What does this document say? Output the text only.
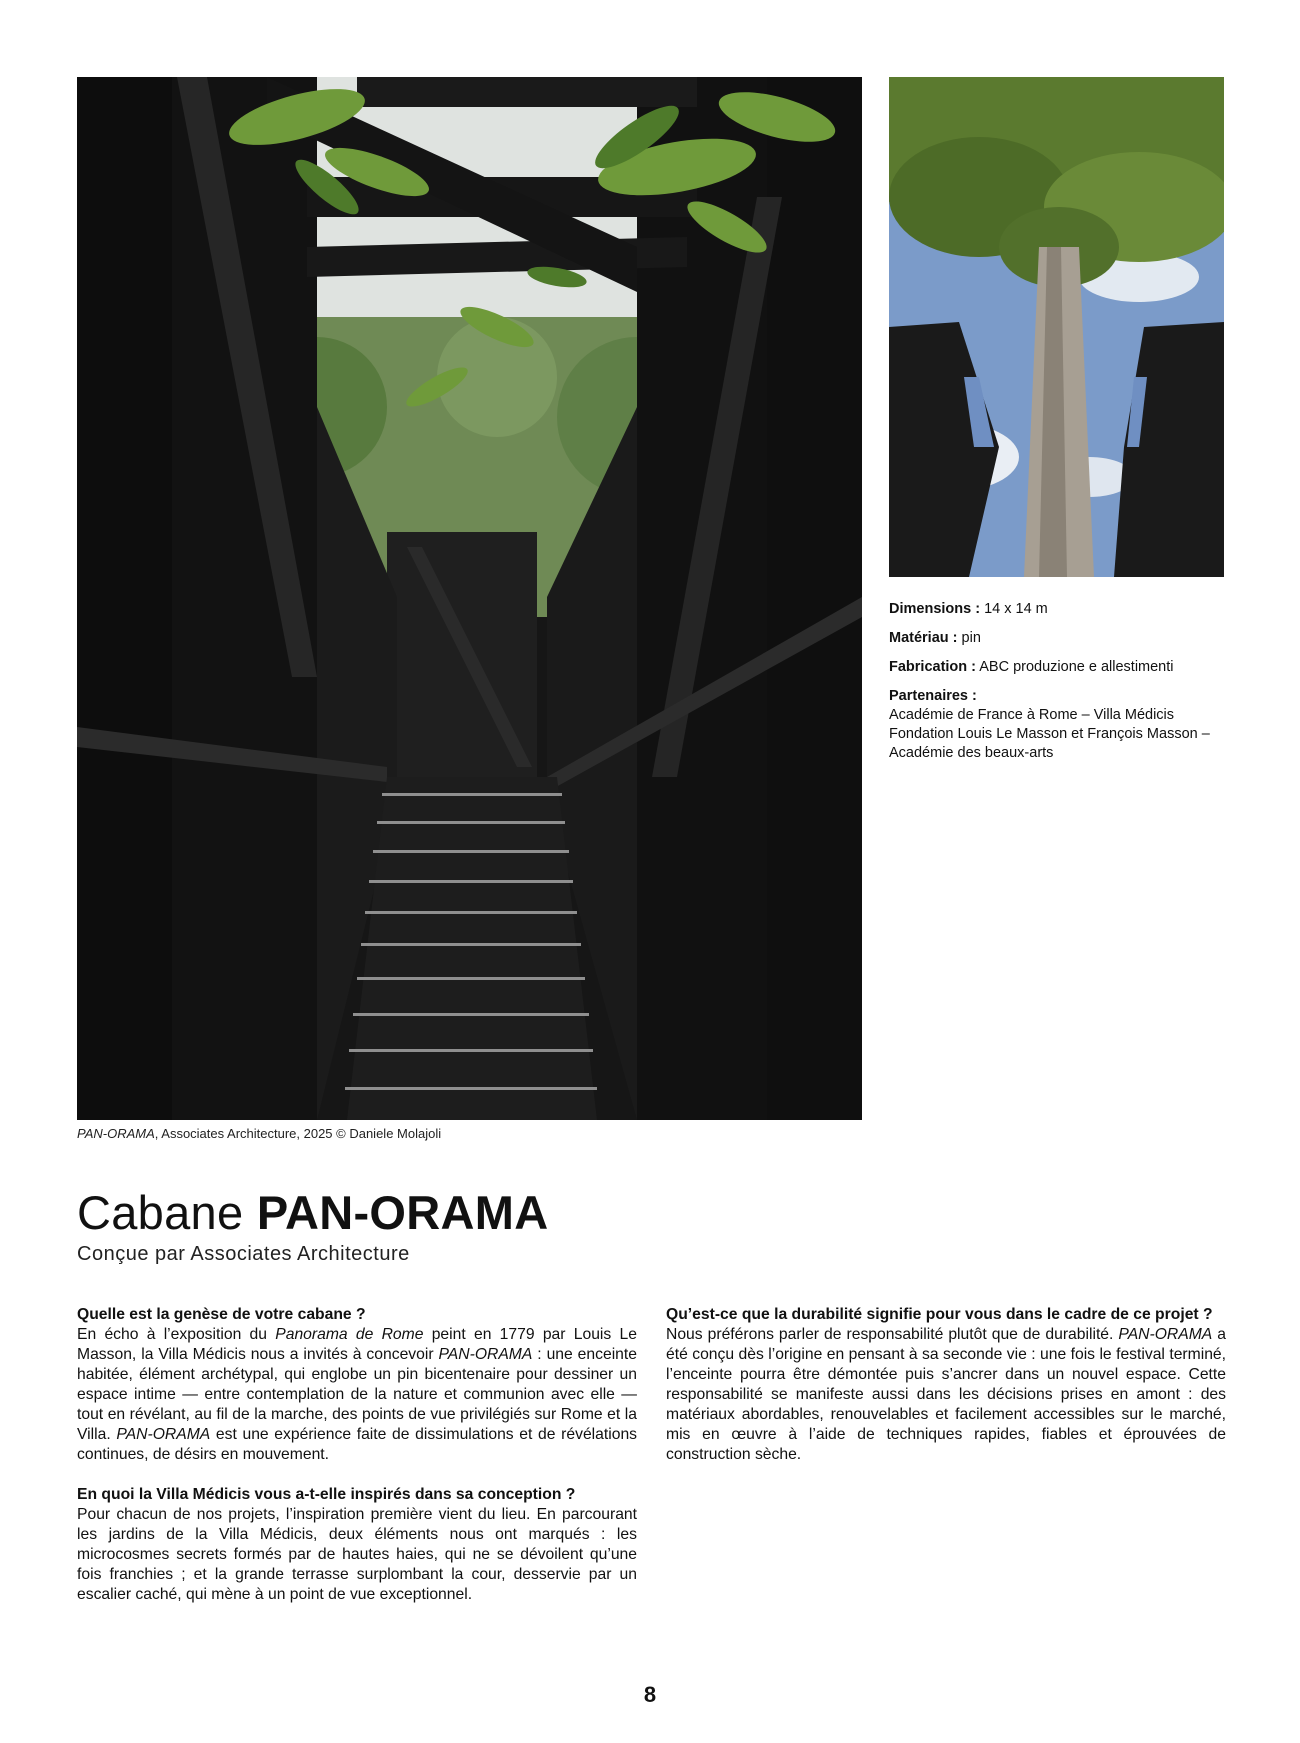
PAN-ORAMA, Associates Architecture, 2025 © Daniele Molajoli
Dimensions : 14 x 14 m
Matériau : pin
Fabrication : ABC produzione e allestimenti
Partenaires :
Académie de France à Rome – Villa Médicis
Fondation Louis Le Masson et François Masson –
Académie des beaux-arts
Cabane PAN-ORAMA
Conçue par Associates Architecture
Quelle est la genèse de votre cabane ?
En écho à l’exposition du Panorama de Rome peint en 1779 par Louis Le Masson, la Villa Médicis nous a invités à concevoir PAN-ORAMA : une enceinte habitée, élément archétypal, qui englobe un pin bicentenaire pour dessiner un espace intime — entre contemplation de la nature et communion avec elle — tout en révélant, au fil de la marche, des points de vue privilégiés sur Rome et la Villa. PAN-ORAMA est une expérience faite de dissimulations et de révélations continues, de désirs en mouvement.
En quoi la Villa Médicis vous a-t-elle inspirés dans sa conception ?
Pour chacun de nos projets, l’inspiration première vient du lieu. En parcourant les jardins de la Villa Médicis, deux éléments nous ont marqués : les microcosmes secrets formés par de hautes haies, qui ne se dévoilent qu’une fois franchies ; et la grande terrasse surplombant la cour, desservie par un escalier caché, qui mène à un point de vue exceptionnel.
Qu’est-ce que la durabilité signifie pour vous dans le cadre de ce projet ?
Nous préférons parler de responsabilité plutôt que de durabilité. PAN-ORAMA a été conçu dès l’origine en pensant à sa seconde vie : une fois le festival terminé, l’enceinte pourra être démontée puis s’ancrer dans un nouvel espace. Cette responsabilité se manifeste aussi dans les décisions prises en amont : des matériaux abordables, renouvelables et facilement accessibles sur le marché, mis en œuvre à l’aide de techniques rapides, fiables et éprouvées de construction sèche.
8
